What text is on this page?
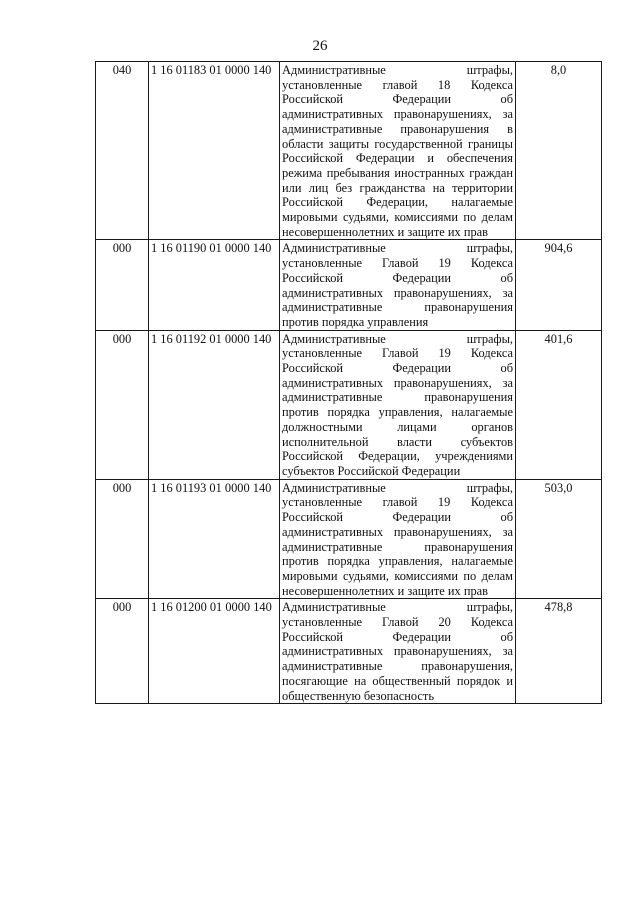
26
040	1 16 01183 01 0000 140	Административные штрафы, установленные главой 18 Кодекса Российской Федерации об административных правонарушениях, за административные правонарушения в области защиты государственной границы Российской Федерации и обеспечения режима пребывания иностранных граждан или лиц без гражданства на территории Российской Федерации, налагаемые мировыми судьями, комиссиями по делам несовершеннолетних и защите их прав	8,0
000	1 16 01190 01 0000 140	Административные штрафы, установленные Главой 19 Кодекса Российской Федерации об административных правонарушениях, за административные правонарушения против порядка управления	904,6
000	1 16 01192 01 0000 140	Административные штрафы, установленные Главой 19 Кодекса Российской Федерации об административных правонарушениях, за административные правонарушения против порядка управления, налагаемые должностными лицами органов исполнительной власти субъектов Российской Федерации, учреждениями субъектов Российской Федерации	401,6
000	1 16 01193 01 0000 140	Административные штрафы, установленные главой 19 Кодекса Российской Федерации об административных правонарушениях, за административные правонарушения против порядка управления, налагаемые мировыми судьями, комиссиями по делам несовершеннолетних и защите их прав	503,0
000	1 16 01200 01 0000 140	Административные штрафы, установленные Главой 20 Кодекса Российской Федерации об административных правонарушениях, за административные правонарушения, посягающие на общественный порядок и общественную безопасность	478,8
